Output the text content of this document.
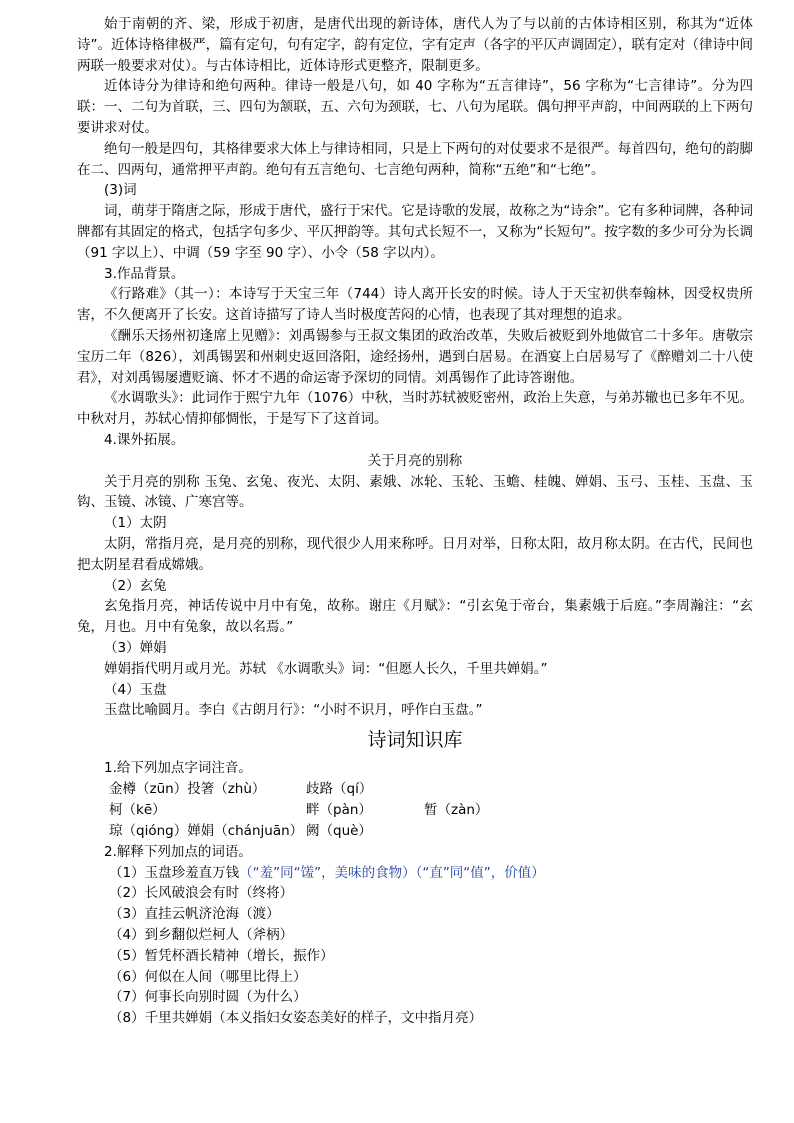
始于南朝的齐、梁，形成于初唐，是唐代出现的新诗体，唐代人为了与以前的古体诗相区别，称其为“近体诗”。近体诗格律极严，篇有定句，句有定字，韵有定位，字有定声（各字的平仄声调固定），联有定对（律诗中间两联一般要求对仗）。与古体诗相比，近体诗形式更整齐，限制更多。

近体诗分为律诗和绝句两种。律诗一般是八句，如 40 字称为“五言律诗”，56 字称为“七言律诗”。分为四联：一、二句为首联，三、四句为颔联，五、六句为颈联，七、八句为尾联。偶句押平声韵，中间两联的上下两句要讲求对仗。

绝句一般是四句，其格律要求大体上与律诗相同，只是上下两句的对仗要求不是很严。每首四句，绝句的韵脚在二、四两句，通常押平声韵。绝句有五言绝句、七言绝句两种，简称“五绝”和“七绝”。

(3)词

词，萌芽于隋唐之际，形成于唐代，盛行于宋代。它是诗歌的发展，故称之为“诗余”。它有多种词牌，各种词牌都有其固定的格式，包括字句多少、平仄押韵等。其句式长短不一，又称为“长短句”。按字数的多少可分为长调（91 字以上）、中调（59 字至 90 字）、小令（58 字以内）。

3.作品背景。

《行路难》（其一）：本诗写于天宝三年（744）诗人离开长安的时候。诗人于天宝初供奉翰林，因受权贵所害，不久便离开了长安。这首诗描写了诗人当时极度苦闷的心情，也表现了其对理想的追求。

《酬乐天扬州初逢席上见赠》：刘禹锡参与王叔文集团的政治改革，失败后被贬到外地做官二十多年。唐敬宗宝历二年（826），刘禹锡罢和州刺史返回洛阳，途经扬州，遇到白居易。在酒宴上白居易写了《醉赠刘二十八使君》，对刘禹锡屡遭贬谪、怀才不遇的命运寄予深切的同情。刘禹锡作了此诗答谢他。

《水调歌头》：此词作于熙宁九年（1076）中秋，当时苏轼被贬密州，政治上失意，与弟苏辙也已多年不见。中秋对月，苏轼心情抑郁惆怅，于是写下了这首词。

4.课外拓展。

关于月亮的别称

关于月亮的别称 玉兔、玄兔、夜光、太阴、素娥、冰轮、玉轮、玉蟾、桂魄、婵娟、玉弓、玉桂、玉盘、玉钩、玉镜、冰镜、广寒宫等。

（1）太阴

太阴，常指月亮，是月亮的别称，现代很少人用来称呼。日月对举，日称太阳，故月称太阴。在古代，民间也把太阴星君看成嫦娥。

（2）玄兔

玄兔指月亮，神话传说中月中有兔，故称。谢庄《月赋》：“引玄兔于帝台，集素娥于后庭。”李周瀚注：“玄兔，月也。月中有兔象，故以名焉。”

（3）婵娟

婵娟指代明月或月光。苏轼 《水调歌头》词：“但愿人长久，千里共婵娟。”

（4）玉盘

玉盘比喻圆月。李白《古朗月行》：“小时不识月，呼作白玉盘。”

诗词知识库

1.给下列加点字词注音。

金樽（zūn）投箸（zhù）	歧路（qí）
柯（kē）	畔（pàn）	暂（zàn）
琼（qióng）婵娟（chánjuān） 阙（què）

2.解释下列加点的词语。

（1）玉盘珍羞直万钱（“羞”同“馐”，美味的食物）（“直”同“值”，价值）

（2）长风破浪会有时（终将）

（3）直挂云帆济沧海（渡）

（4）到乡翻似烂柯人（斧柄）

（5）暂凭杯酒长精神（增长，振作）

（6）何似在人间（哪里比得上）

（7）何事长向别时圆（为什么）

（8）千里共婵娟（本义指妇女姿态美好的样子，文中指月亮）
